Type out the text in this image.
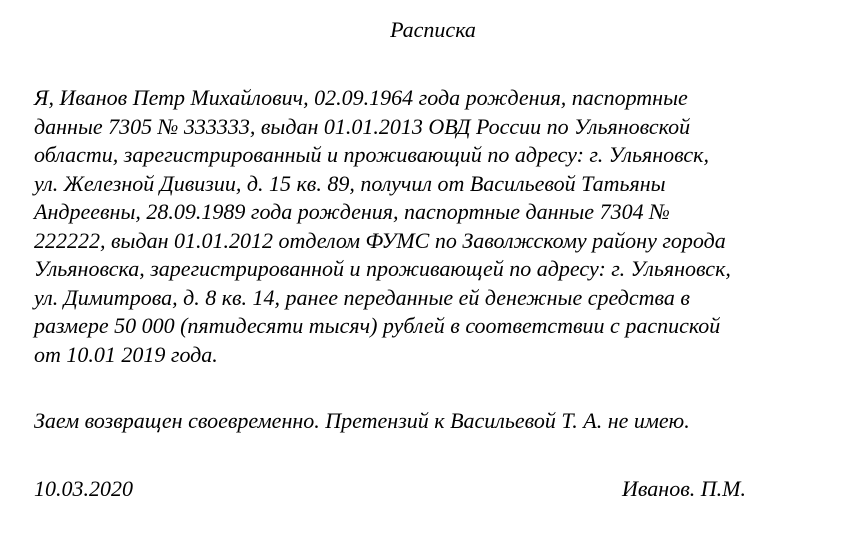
Расписка
Я, Иванов Петр Михайлович, 02.09.1964 года рождения, паспортные
данные 7305 № 333333, выдан 01.01.2013 ОВД России по Ульяновской
области, зарегистрированный и проживающий по адресу: г. Ульяновск,
ул. Железной Дивизии, д. 15 кв. 89, получил от Васильевой Татьяны
Андреевны, 28.09.1989 года рождения, паспортные данные 7304 №
222222, выдан 01.01.2012 отделом ФУМС по Заволжскому району города
Ульяновска, зарегистрированной и проживающей по адресу: г. Ульяновск,
ул. Димитрова, д. 8 кв. 14, ранее переданные ей денежные средства в
размере 50 000 (пятидесяти тысяч) рублей в соответствии с распиской
от 10.01 2019 года.
Заем возвращен своевременно. Претензий к Васильевой Т. А. не имею.
10.03.2020	Иванов. П.М.
